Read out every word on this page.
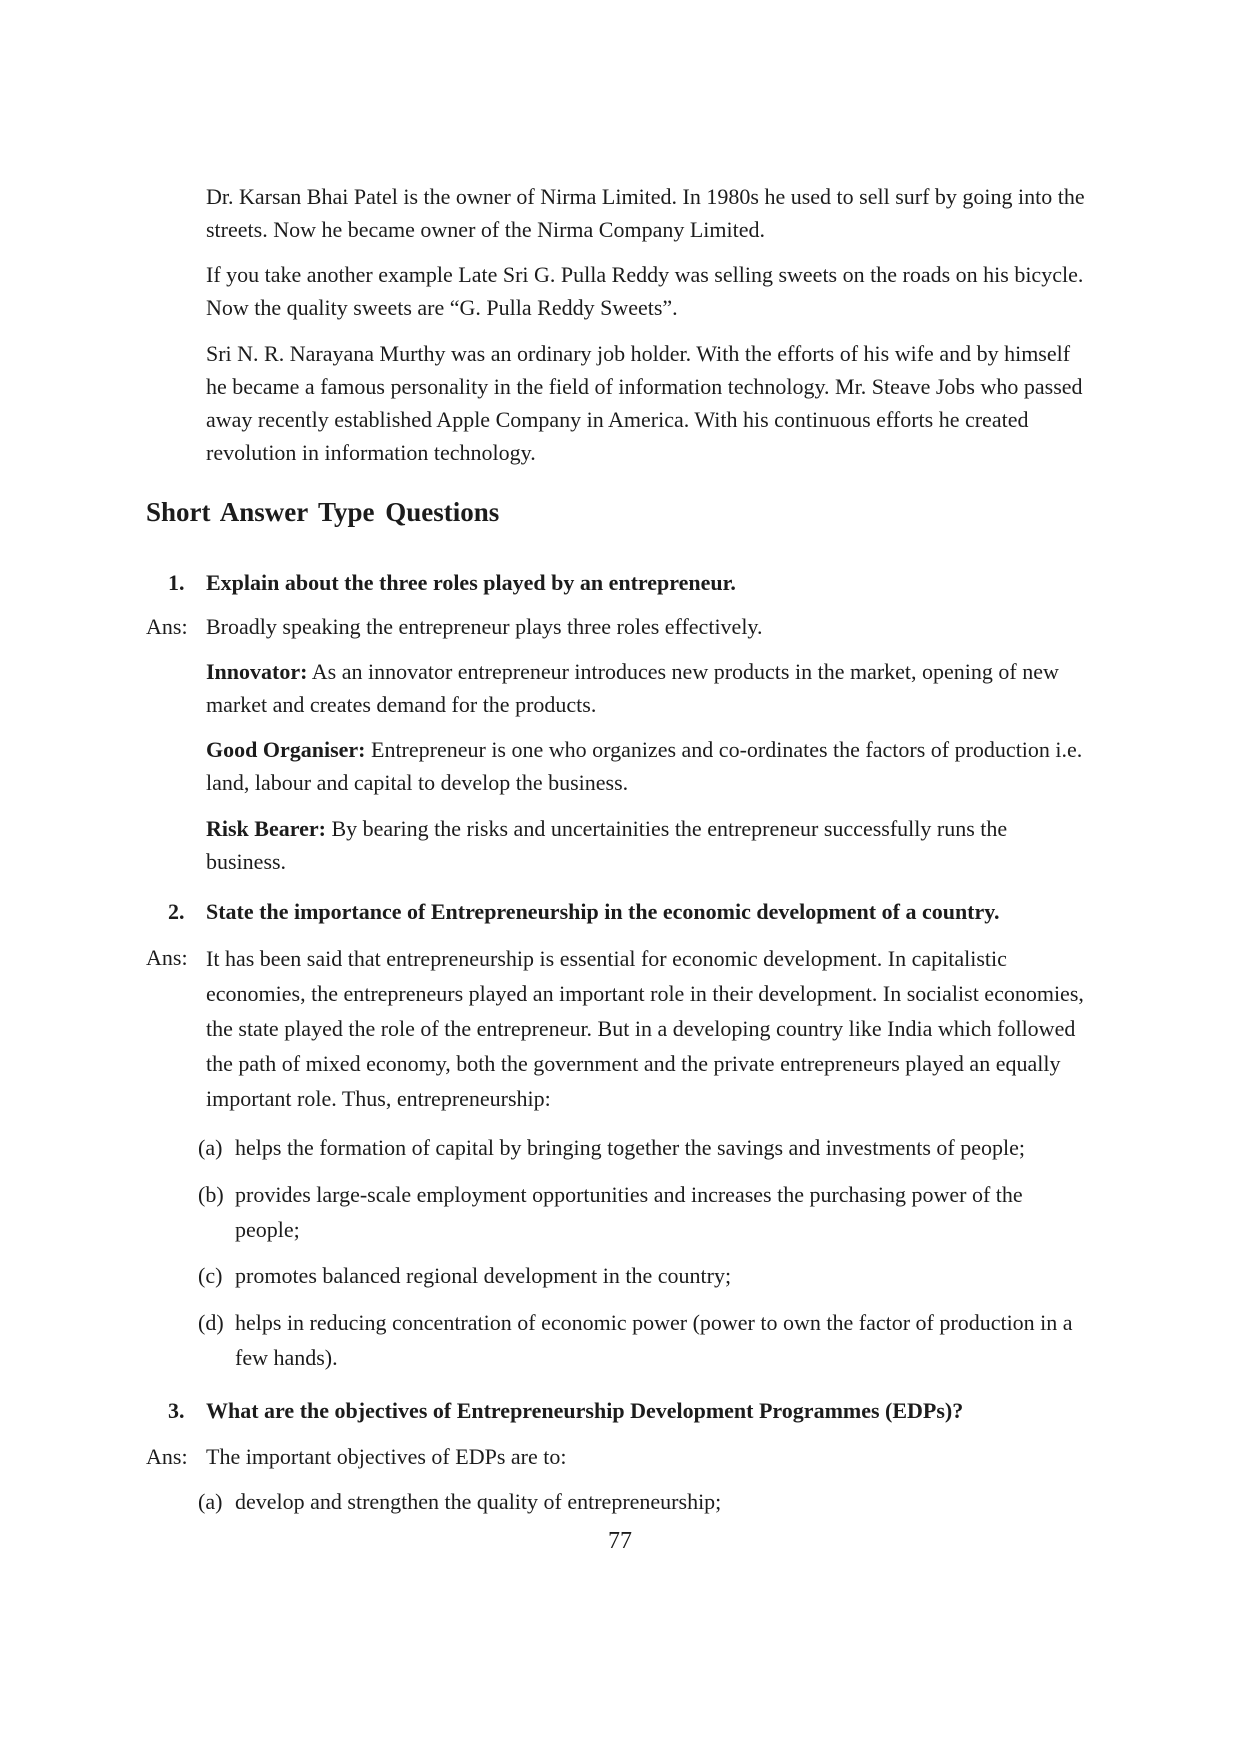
Dr. Karsan Bhai Patel is the owner of Nirma Limited. In 1980s he used to sell surf by going into the streets. Now he became owner of the Nirma Company Limited.

If you take another example Late Sri G. Pulla Reddy was selling sweets on the roads on his bicycle. Now the quality sweets are “G. Pulla Reddy Sweets”.

Sri N. R. Narayana Murthy was an ordinary job holder. With the efforts of his wife and by himself he became a famous personality in the field of information technology. Mr. Steave Jobs who passed away recently established Apple Company in America. With his continuous efforts he created revolution in information technology.

Short Answer Type Questions
1. Explain about the three roles played by an entrepreneur.
Ans: Broadly speaking the entrepreneur plays three roles effectively.

Innovator: As an innovator entrepreneur introduces new products in the market, opening of new market and creates demand for the products.

Good Organiser: Entrepreneur is one who organizes and co-ordinates the factors of production i.e. land, labour and capital to develop the business.

Risk Bearer: By bearing the risks and uncertainities the entrepreneur successfully runs the business.

2. State the importance of Entrepreneurship in the economic development of a country.
Ans: It has been said that entrepreneurship is essential for economic development. In capitalistic economies, the entrepreneurs played an important role in their development. In socialist economies, the state played the role of the entrepreneur. But in a developing country like India which followed the path of mixed economy, both the government and the private entrepreneurs played an equally important role. Thus, entrepreneurship:

(a) helps the formation of capital by bringing together the savings and investments of people;
(b) provides large-scale employment opportunities and increases the purchasing power of the people;
(c) promotes balanced regional development in the country;
(d) helps in reducing concentration of economic power (power to own the factor of production in a few hands).
3. What are the objectives of Entrepreneurship Development Programmes (EDPs)?
Ans: The important objectives of EDPs are to:

(a) develop and strengthen the quality of entrepreneurship;
77
